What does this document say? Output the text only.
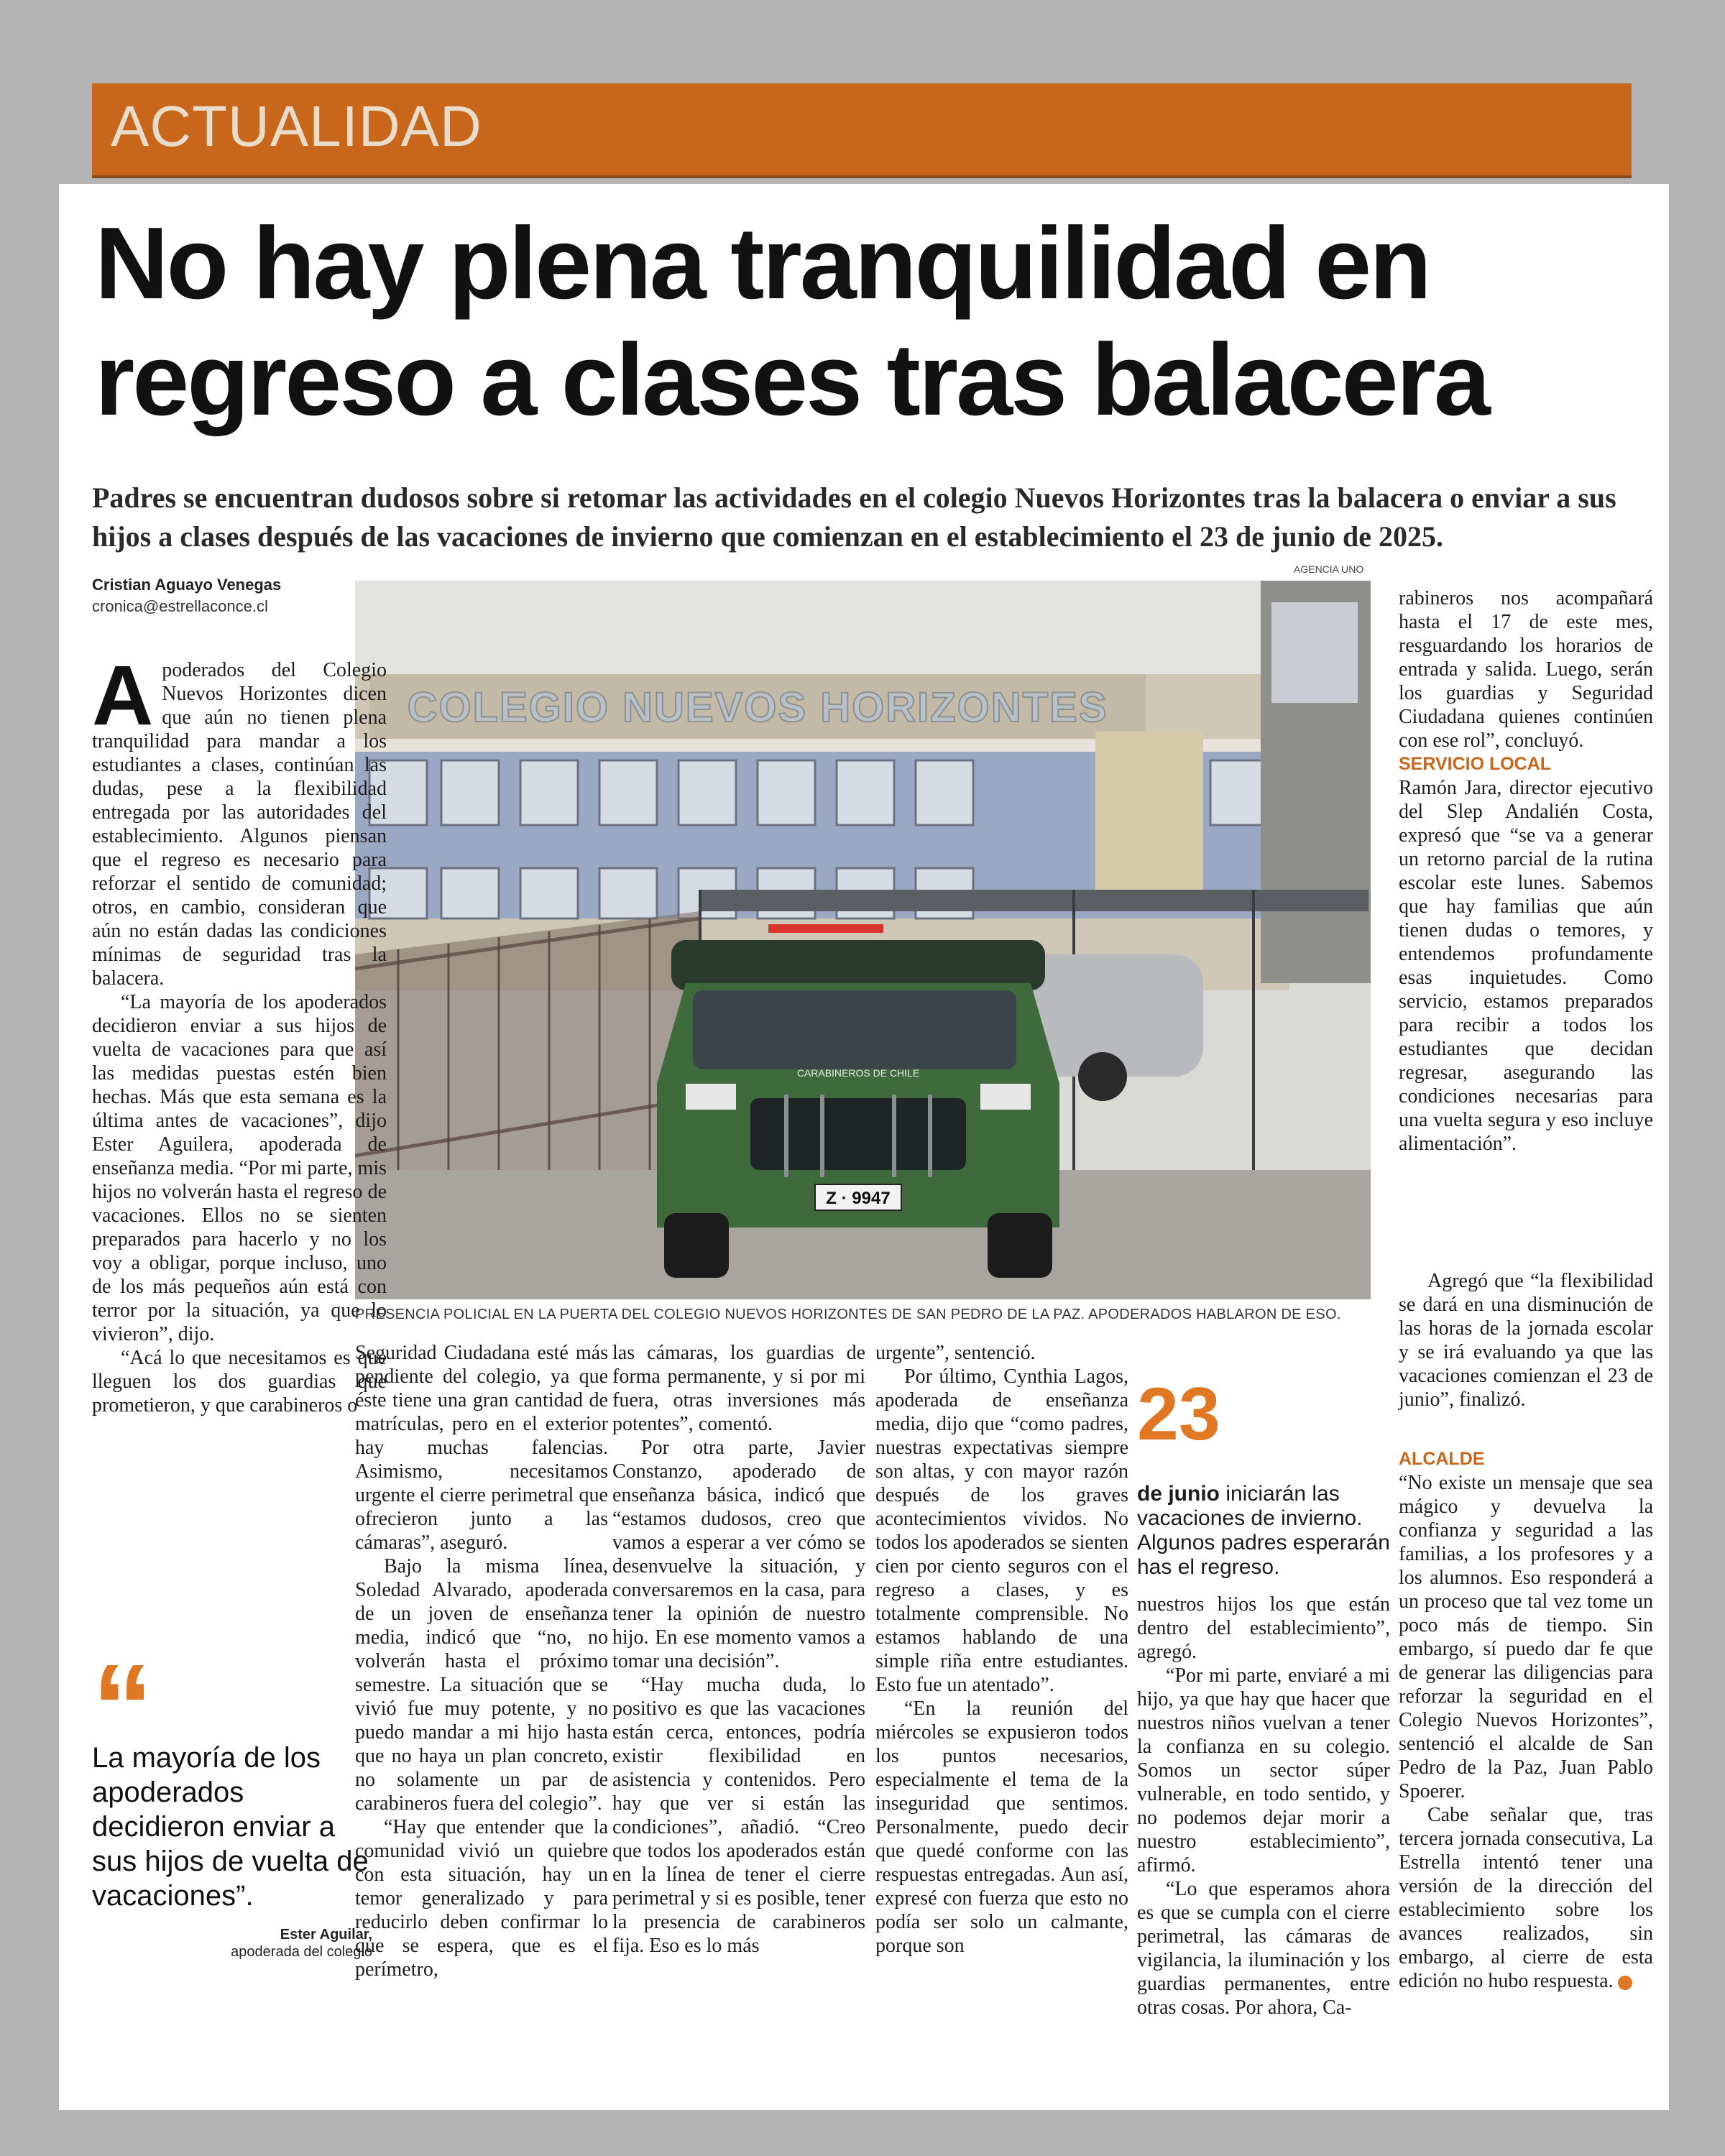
ACTUALIDAD
No hay plena tranquilidad en
regreso a clases tras balacera

Padres se encuentran dudosos sobre si retomar las actividades en el colegio Nuevos Horizontes tras la balacera o enviar a sus hijos a clases después de las vacaciones de invierno que comienzan en el establecimiento el 23 de junio de 2025.

Cristian Aguayo Venegas
cronica@estrellaconce.cl
AGENCIA UNO
COLEGIO NUEVOS HORIZONTES
Z · 9947
CARABINEROS DE CHILE
PRESENCIA POLICIAL EN LA PUERTA DEL COLEGIO NUEVOS HORIZONTES DE SAN PEDRO DE LA PAZ. APODERADOS HABLARON DE ESO.

Apoderados del Colegio Nuevos Horizontes dicen que aún no tienen plena tranquilidad para mandar a los estudiantes a clases, continúan las dudas, pese a la flexibilidad entregada por las autoridades del establecimiento. Algunos piensan que el regreso es necesario para reforzar el sentido de comunidad; otros, en cambio, consideran que aún no están dadas las condiciones mínimas de seguridad tras la balacera.

“La mayoría de los apoderados decidieron enviar a sus hijos de vuelta de vacaciones para que así las medidas puestas estén bien hechas. Más que esta semana es la última antes de vacaciones”, dijo Ester Aguilera, apoderada de enseñanza media. “Por mi parte, mis hijos no volverán hasta el regreso de vacaciones. Ellos no se sienten preparados para hacerlo y no los voy a obligar, porque incluso, uno de los más pequeños aún está con terror por la situación, ya que lo vivieron”, dijo.

“Acá lo que necesitamos es que lleguen los dos guardias que prometieron, y que carabineros o

“
La mayoría de los apoderados decidieron enviar a sus hijos de vuelta de vacaciones”.
Ester Aguilar,
apoderada del colegio

Seguridad Ciudadana esté más pendiente del colegio, ya que éste tiene una gran cantidad de matrículas, pero en el exterior hay muchas falencias. Asimismo, necesitamos urgente el cierre perimetral que ofrecieron junto a las cámaras”, aseguró.

Bajo la misma línea, Soledad Alvarado, apoderada de un joven de enseñanza media, indicó que “no, no volverán hasta el próximo semestre. La situación que se vivió fue muy potente, y no puedo mandar a mi hijo hasta que no haya un plan concreto, no solamente un par de carabineros fuera del colegio”.

“Hay que entender que la comunidad vivió un quiebre con esta situación, hay un temor generalizado y para reducirlo deben confirmar lo que se espera, que es el perímetro,

las cámaras, los guardias de forma permanente, y si por mi fuera, otras inversiones más potentes”, comentó.

Por otra parte, Javier Constanzo, apoderado de enseñanza básica, indicó que “estamos dudosos, creo que vamos a esperar a ver cómo se desenvuelve la situación, y conversaremos en la casa, para tener la opinión de nuestro hijo. En ese momento vamos a tomar una decisión”.

“Hay mucha duda, lo positivo es que las vacaciones están cerca, entonces, podría existir flexibilidad en asistencia y contenidos. Pero hay que ver si están las condiciones”, añadió. “Creo que todos los apoderados están en la línea de tener el cierre perimetral y si es posible, tener la presencia de carabineros fija. Eso es lo más

urgente”, sentenció.

Por último, Cynthia Lagos, apoderada de enseñanza media, dijo que “como padres, nuestras expectativas siempre son altas, y con mayor razón después de los graves acontecimientos vividos. No todos los apoderados se sienten cien por ciento seguros con el regreso a clases, y es totalmente comprensible. No estamos hablando de una simple riña entre estudiantes. Esto fue un atentado”.

“En la reunión del miércoles se expusieron todos los puntos necesarios, especialmente el tema de la inseguridad que sentimos. Personalmente, puedo decir que quedé conforme con las respuestas entregadas. Aun así, expresé con fuerza que esto no podía ser solo un calmante, porque son

23
de junio iniciarán las vacaciones de invierno. Algunos padres esperarán has el regreso.

nuestros hijos los que están dentro del establecimiento”, agregó.

“Por mi parte, enviaré a mi hijo, ya que hay que hacer que nuestros niños vuelvan a tener la confianza en su colegio. Somos un sector súper vulnerable, en todo sentido, y no podemos dejar morir a nuestro establecimiento”, afirmó.

“Lo que esperamos ahora es que se cumpla con el cierre perimetral, las cámaras de vigilancia, la iluminación y los guardias permanentes, entre otras cosas. Por ahora, Ca-

rabineros nos acompañará hasta el 17 de este mes, resguardando los horarios de entrada y salida. Luego, serán los guardias y Seguridad Ciudadana quienes continúen con ese rol”, concluyó.

SERVICIO LOCAL

Ramón Jara, director ejecutivo del Slep Andalién Costa, expresó que “se va a generar un retorno parcial de la rutina escolar este lunes. Sabemos que hay familias que aún tienen dudas o temores, y entendemos profundamente esas inquietudes. Como servicio, estamos preparados para recibir a todos los estudiantes que decidan regresar, asegurando las condiciones necesarias para una vuelta segura y eso incluye alimentación”.

Agregó que “la flexibilidad se dará en una disminución de las horas de la jornada escolar y se irá evaluando ya que las vacaciones comienzan el 23 de junio”, finalizó.

ALCALDE

“No existe un mensaje que sea mágico y devuelva la confianza y seguridad a las familias, a los profesores y a los alumnos. Eso responderá a un proceso que tal vez tome un poco más de tiempo. Sin embargo, sí puedo dar fe que de generar las diligencias para reforzar la seguridad en el Colegio Nuevos Horizontes”, sentenció el alcalde de San Pedro de la Paz, Juan Pablo Spoerer.

Cabe señalar que, tras tercera jornada consecutiva, La Estrella intentó tener una versión de la dirección del establecimiento sobre los avances realizados, sin embargo, al cierre de esta edición no hubo respuesta.
